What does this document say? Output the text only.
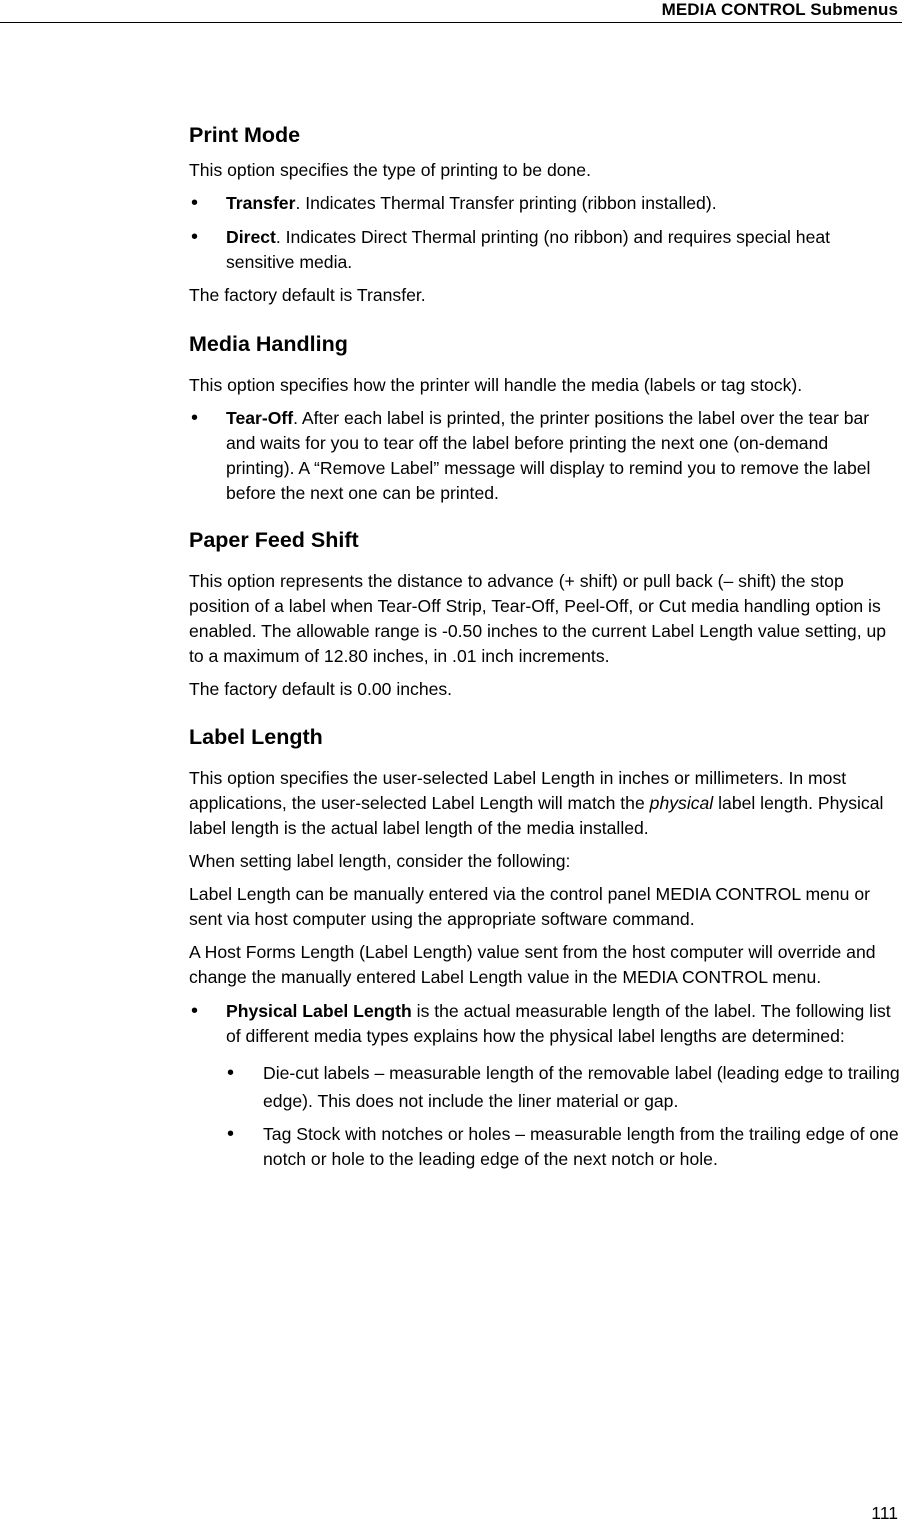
MEDIA CONTROL Submenus
Print Mode

This option specifies the type of printing to be done.

• Transfer. Indicates Thermal Transfer printing (ribbon installed).
• Direct. Indicates Direct Thermal printing (no ribbon) and requires special heat sensitive media.

The factory default is Transfer.

Media Handling

This option specifies how the printer will handle the media (labels or tag stock).

• Tear-Off. After each label is printed, the printer positions the label over the tear bar and waits for you to tear off the label before printing the next one (on-demand printing). A “Remove Label” message will display to remind you to remove the label before the next one can be printed.
Paper Feed Shift

This option represents the distance to advance (+ shift) or pull back (– shift) the stop position of a label when Tear-Off Strip, Tear-Off, Peel-Off, or Cut media handling option is enabled. The allowable range is -0.50 inches to the current Label Length value setting, up to a maximum of 12.80 inches, in .01 inch increments.

The factory default is 0.00 inches.

Label Length

This option specifies the user-selected Label Length in inches or millimeters. In most applications, the user-selected Label Length will match the physical label length. Physical label length is the actual label length of the media installed.

When setting label length, consider the following:

Label Length can be manually entered via the control panel MEDIA CONTROL menu or sent via host computer using the appropriate software command.

A Host Forms Length (Label Length) value sent from the host computer will override and change the manually entered Label Length value in the MEDIA CONTROL menu.

• Physical Label Length is the actual measurable length of the label. The following list of different media types explains how the physical label lengths are determined:
• Die-cut labels – measurable length of the removable label (leading edge to trailing edge). This does not include the liner material or gap.
• Tag Stock with notches or holes – measurable length from the trailing edge of one notch or hole to the leading edge of the next notch or hole.
111
